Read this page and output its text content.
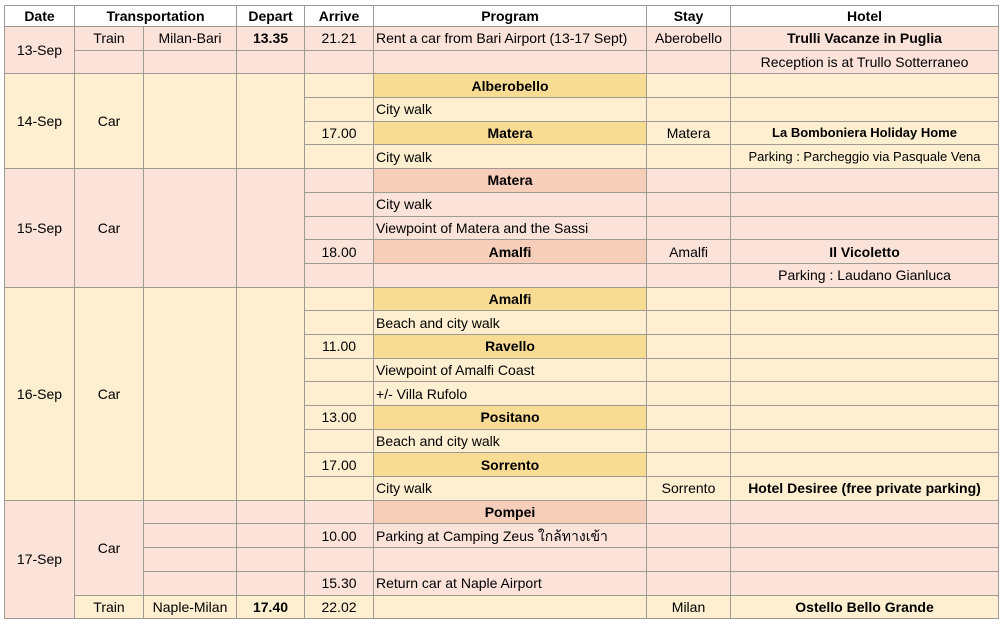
Date	Transportation		Depart	Arrive	Program	Stay	Hotel
13-Sep	Train	Milan-Bari	13.35	21.21	Rent a car from Bari Airport (13-17 Sept)	Aberobello	Trulli Vacanze in Puglia
							Reception is at Trullo Sotterraneo
14-Sep	Car				Alberobello		
					City walk		
				17.00	Matera	Matera	La Bomboniera Holiday Home
					City walk		Parking : Parcheggio via Pasquale Vena
15-Sep	Car				Matera		
					City walk		
					Viewpoint of Matera and the Sassi		
				18.00	Amalfi	Amalfi	Il Vicoletto
							Parking : Laudano Gianluca
16-Sep	Car				Amalfi		
					Beach and city walk		
				11.00	Ravello		
					Viewpoint of Amalfi Coast		
					+/- Villa Rufolo		
				13.00	Positano		
					Beach and city walk		
				17.00	Sorrento		
					City walk	Sorrento	Hotel Desiree (free private parking)
17-Sep	Car				Pompei		
				10.00	Parking at Camping Zeus ใกล้ทางเข้า		

				15.30	Return car at Naple Airport		
	Train	Naple-Milan	17.40	22.02		Milan	Ostello Bello Grande
